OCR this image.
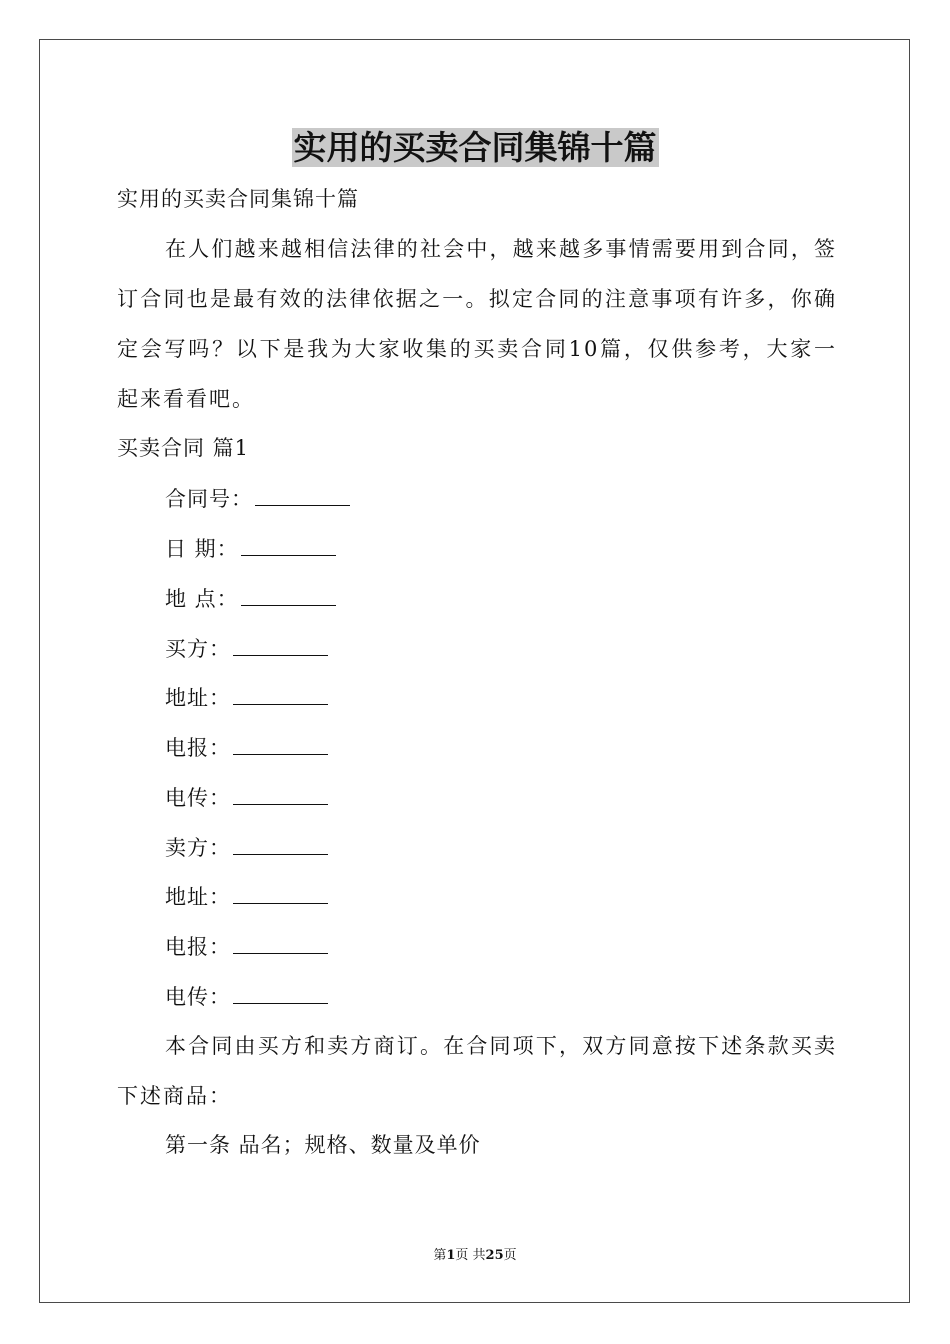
实用的买卖合同集锦十篇
实用的买卖合同集锦十篇
在人们越来越相信法律的社会中，越来越多事情需要用到合同，签订合同也是最有效的法律依据之一。拟定合同的注意事项有许多，你确定会写吗？以下是我为大家收集的买卖合同10篇，仅供参考，大家一起来看看吧。
买卖合同 篇1
合同号：
日 期：
地 点：
买方：
地址：
电报：
电传：
卖方：
地址：
电报：
电传：
本合同由买方和卖方商订。在合同项下，双方同意按下述条款买卖下述商品：
第一条 品名；规格、数量及单价
第1页 共25页
